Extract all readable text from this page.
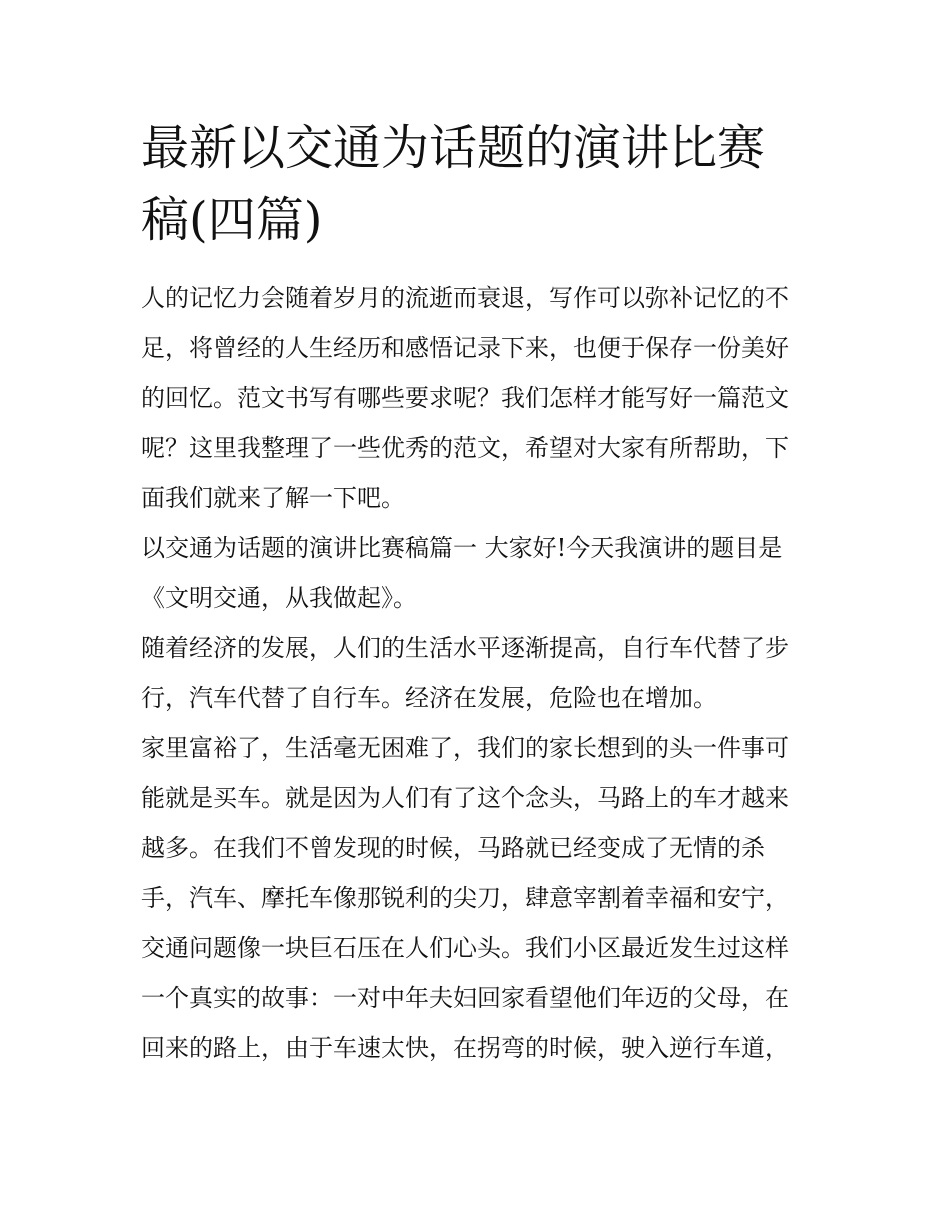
最新以交通为话题的演讲比赛
稿(四篇)

人的记忆力会随着岁月的流逝而衰退，写作可以弥补记忆的不
足，将曾经的人生经历和感悟记录下来，也便于保存一份美好
的回忆。范文书写有哪些要求呢？我们怎样才能写好一篇范文
呢？这里我整理了一些优秀的范文，希望对大家有所帮助，下
面我们就来了解一下吧。

以交通为话题的演讲比赛稿篇一 大家好!今天我演讲的题目是
《文明交通，从我做起》。

随着经济的发展，人们的生活水平逐渐提高，自行车代替了步
行，汽车代替了自行车。经济在发展，危险也在增加。

家里富裕了，生活毫无困难了，我们的家长想到的头一件事可
能就是买车。就是因为人们有了这个念头，马路上的车才越来
越多。在我们不曾发现的时候，马路就已经变成了无情的杀
手，汽车、摩托车像那锐利的尖刀，肆意宰割着幸福和安宁，
交通问题像一块巨石压在人们心头。我们小区最近发生过这样
一个真实的故事：一对中年夫妇回家看望他们年迈的父母，在
回来的路上，由于车速太快，在拐弯的时候，驶入逆行车道，
